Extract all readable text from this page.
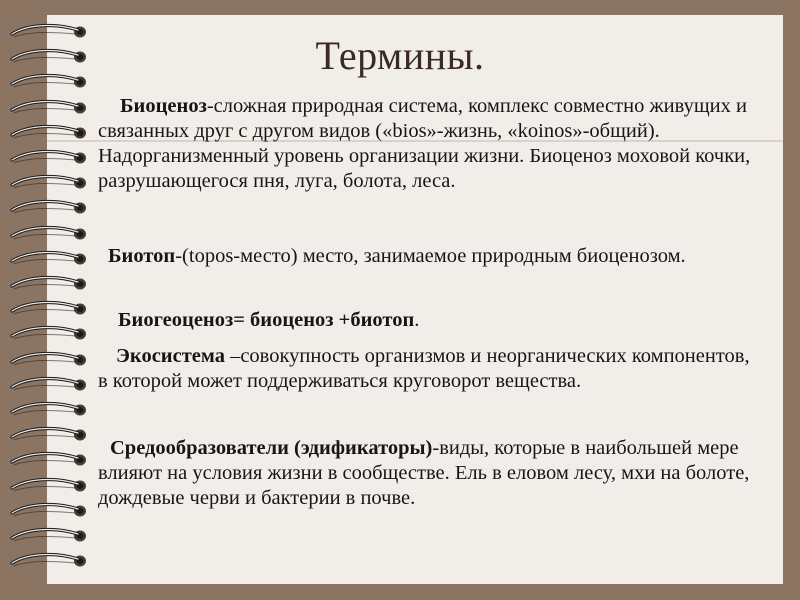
Термины.
Биоценоз-сложная природная система, комплекс совместно живущих и связанных друг с другом видов («bios»-жизнь, «koinos»-общий). Надорганизменный уровень организации жизни. Биоценоз моховой кочки, разрушающегося пня, луга, болота, леса.
Биотоп-(topos-место) место, занимаемое природным биоценозом.
Биогеоценоз= биоценоз +биотоп.
Экосистема –совокупность организмов и неорганических компонентов, в которой может поддерживаться круговорот вещества.
Средообразователи (эдификаторы)-виды, которые в наибольшей мере влияют на условия жизни в сообществе. Ель в еловом лесу, мхи на болоте, дождевые черви и бактерии в почве.
